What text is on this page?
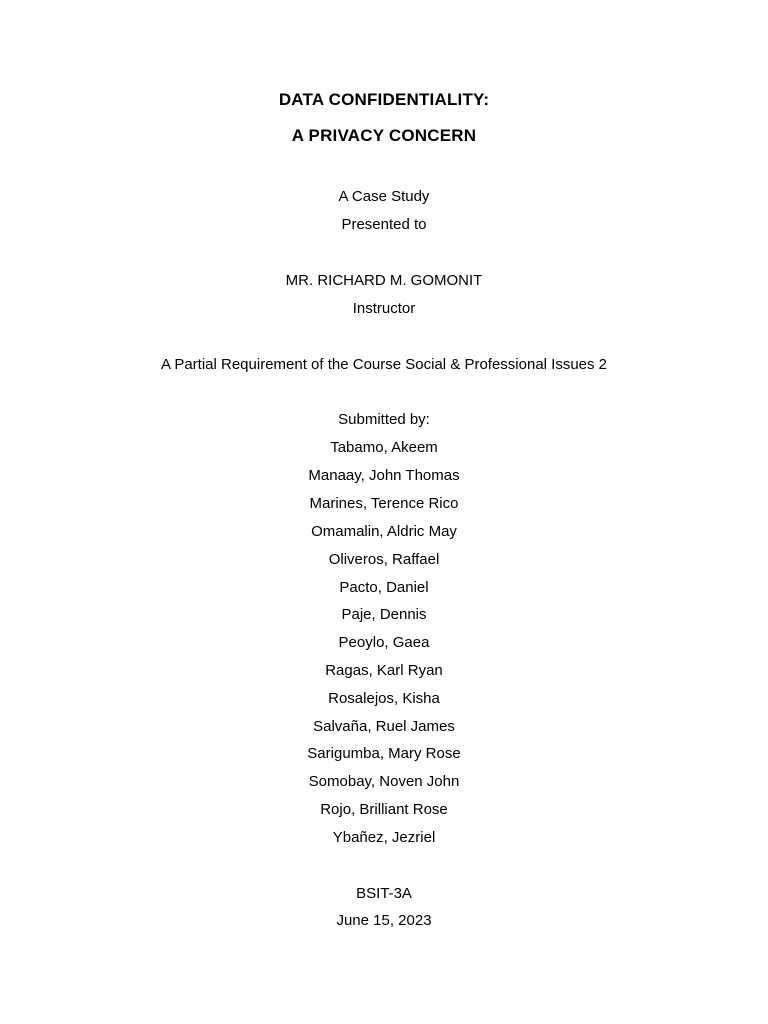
DATA CONFIDENTIALITY:
A PRIVACY CONCERN
A Case Study
Presented to
MR. RICHARD M. GOMONIT
Instructor
A Partial Requirement of the Course Social & Professional Issues 2
Submitted by:
Tabamo, Akeem
Manaay, John Thomas
Marines, Terence Rico
Omamalin, Aldric May
Oliveros, Raffael
Pacto, Daniel
Paje, Dennis
Peoylo, Gaea
Ragas, Karl Ryan
Rosalejos, Kisha
Salvaña, Ruel James
Sarigumba, Mary Rose
Somobay, Noven John
Rojo, Brilliant Rose
Ybañez, Jezriel
BSIT-3A
June 15, 2023
